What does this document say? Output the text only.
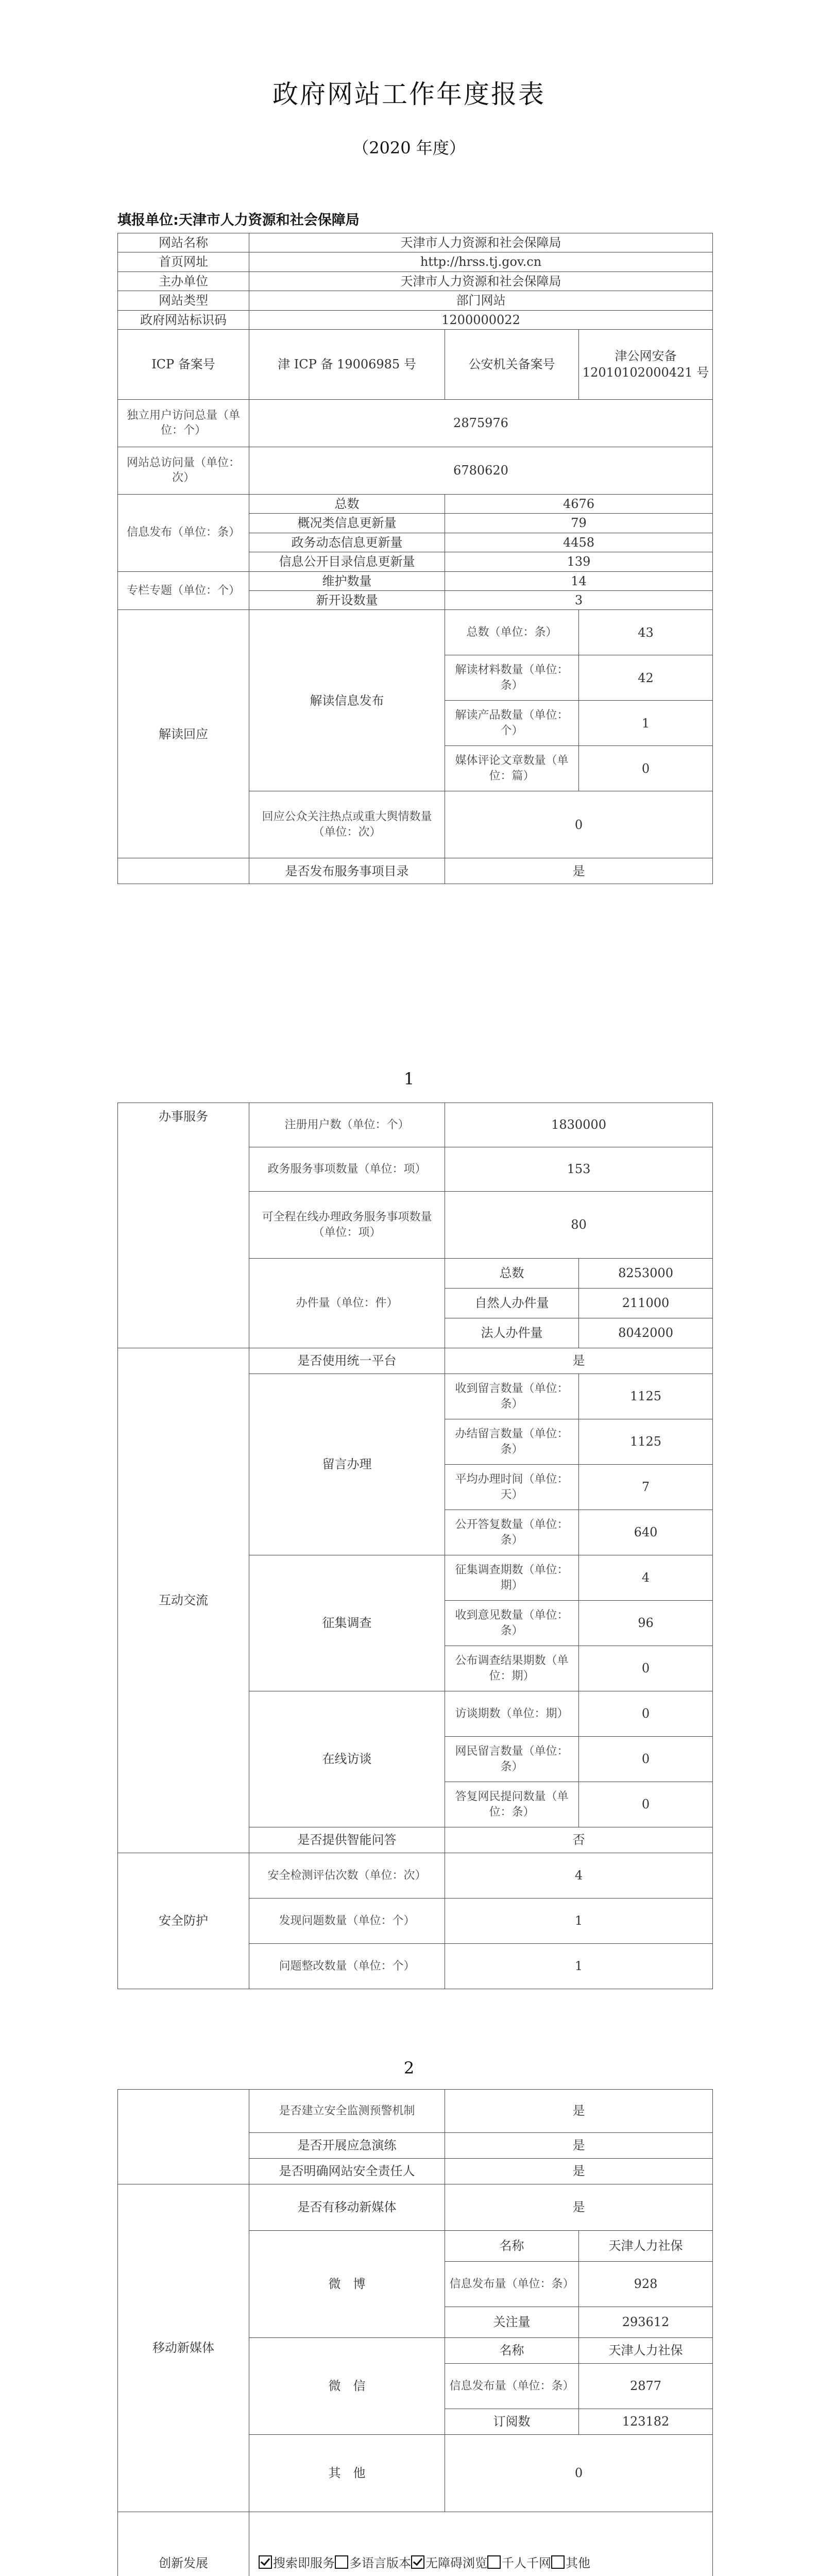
政府网站工作年度报表
（2020 年度）
填报单位:天津市人力资源和社会保障局
网站名称	天津市人力资源和社会保障局		
首页网址	http://hrss.tj.gov.cn		
主办单位	天津市人力资源和社会保障局		
网站类型	部门网站		
政府网站标识码	1200000022		
ICP 备案号	津 ICP 备 19006985 号	公安机关备案号	津公网安备 12010102000421 号
独立用户访问总量（单位：个）	2875976		
网站总访问量（单位：次）	6780620		
信息发布（单位：条）	总数	4676	
	概况类信息更新量	79	
	政务动态信息更新量	4458	
	信息公开目录信息更新量	139	
专栏专题（单位：个）	维护数量	14	
	新开设数量	3	
解读回应	解读信息发布	总数（单位：条）	43
		解读材料数量（单位：条）	42
		解读产品数量（单位：个）	1
		媒体评论文章数量（单位：篇）	0
	回应公众关注热点或重大舆情数量（单位：次）	0	
	是否发布服务事项目录	是	
1
办事服务	注册用户数（单位：个）	1830000	
	政务服务事项数量（单位：项）	153	
	可全程在线办理政务服务事项数量（单位：项）	80	
	办件量（单位：件）	总数	8253000
		自然人办件量	211000
		法人办件量	8042000
互动交流	是否使用统一平台	是	
	留言办理	收到留言数量（单位：条）	1125
		办结留言数量（单位：条）	1125
		平均办理时间（单位：天）	7
		公开答复数量（单位：条）	640
	征集调查	征集调查期数（单位：期）	4
		收到意见数量（单位：条）	96
		公布调查结果期数（单位：期）	0
	在线访谈	访谈期数（单位：期）	0
		网民留言数量（单位：条）	0
		答复网民提问数量（单位：条）	0
	是否提供智能问答	否	
安全防护	安全检测评估次数（单位：次）	4	
	发现问题数量（单位：个）	1	
	问题整改数量（单位：个）	1	
2
	是否建立安全监测预警机制	是	
	是否开展应急演练	是	
	是否明确网站安全责任人	是	
移动新媒体	是否有移动新媒体	是	
	微　博	名称	天津人力社保
		信息发布量（单位：条）	928
		关注量	293612
	微　信	名称	天津人力社保
		信息发布量（单位：条）	2877
		订阅数	123182
	其　他	0	
创新发展	搜索即服务 多语言版本 无障碍浏览 千人千网 其他		
